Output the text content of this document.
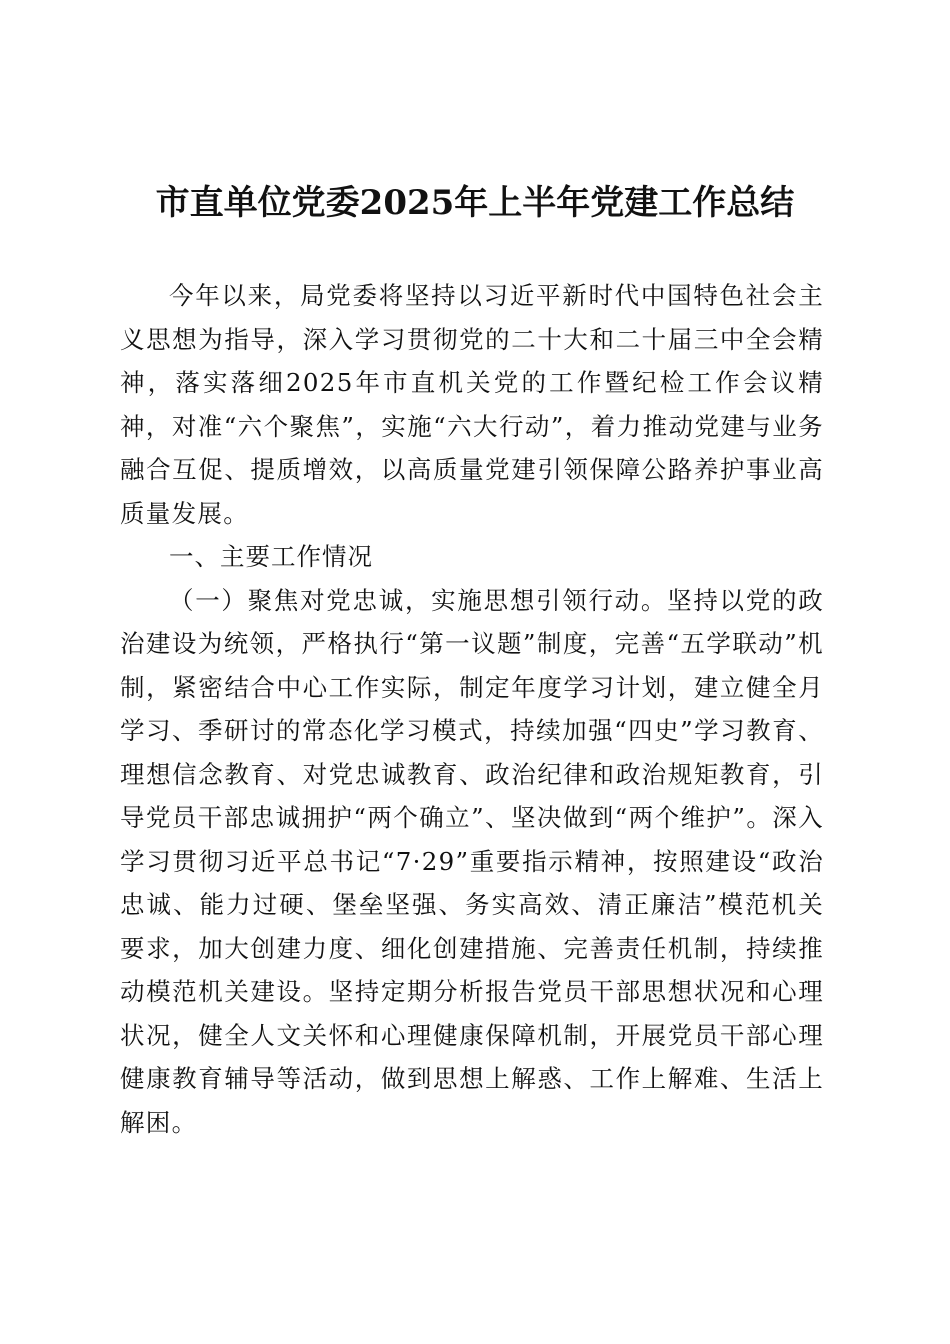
市直单位党委2025年上半年党建工作总结

今年以来，局党委将坚持以习近平新时代中国特色社会主义思想为指导，深入学习贯彻党的二十大和二十届三中全会精神，落实落细2025年市直机关党的工作暨纪检工作会议精神，对准“六个聚焦”，实施“六大行动”，着力推动党建与业务融合互促、提质增效，以高质量党建引领保障公路养护事业高质量发展。

一、主要工作情况

（一）聚焦对党忠诚，实施思想引领行动。坚持以党的政治建设为统领，严格执行“第一议题”制度，完善“五学联动”机制，紧密结合中心工作实际，制定年度学习计划，建立健全月学习、季研讨的常态化学习模式，持续加强“四史”学习教育、理想信念教育、对党忠诚教育、政治纪律和政治规矩教育，引导党员干部忠诚拥护“两个确立”、坚决做到“两个维护”。深入学习贯彻习近平总书记“7·29”重要指示精神，按照建设“政治忠诚、能力过硬、堡垒坚强、务实高效、清正廉洁”模范机关要求，加大创建力度、细化创建措施、完善责任机制，持续推动模范机关建设。坚持定期分析报告党员干部思想状况和心理状况，健全人文关怀和心理健康保障机制，开展党员干部心理健康教育辅导等活动，做到思想上解惑、工作上解难、生活上解困。
